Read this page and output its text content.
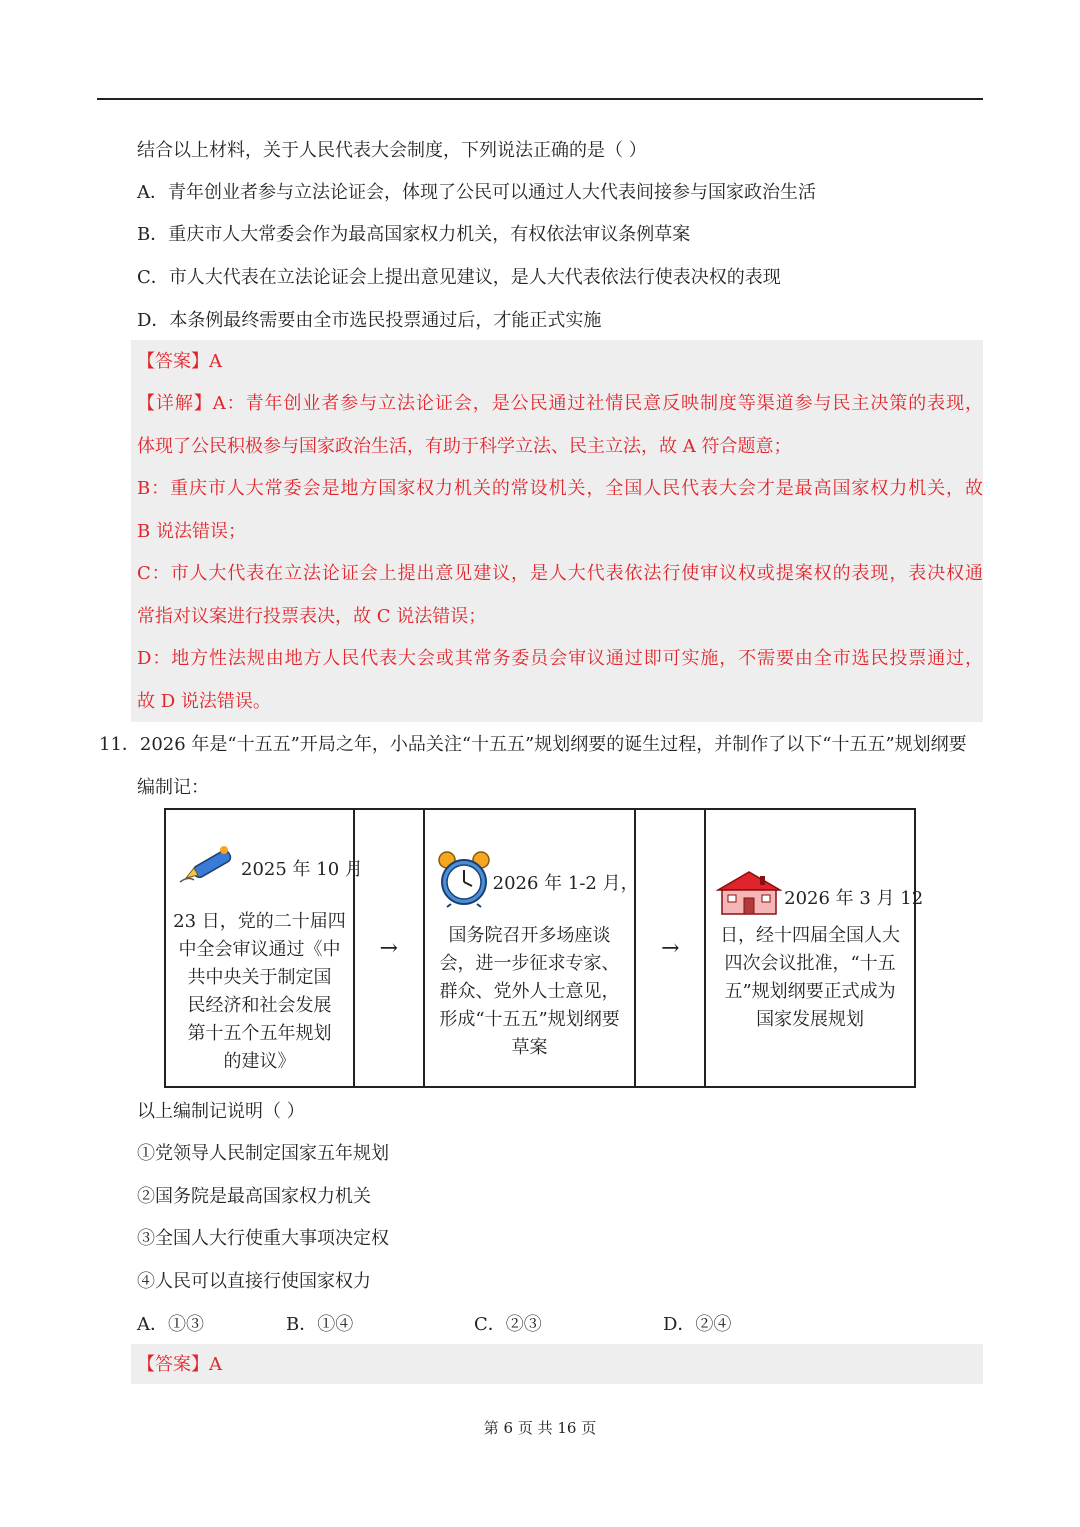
结合以上材料，关于人民代表大会制度，下列说法正确的是（ ）
A．青年创业者参与立法论证会，体现了公民可以通过人大代表间接参与国家政治生活
B．重庆市人大常委会作为最高国家权力机关，有权依法审议条例草案
C．市人大代表在立法论证会上提出意见建议，是人大代表依法行使表决权的表现
D．本条例最终需要由全市选民投票通过后，才能正式实施
【答案】A
【详解】A：青年创业者参与立法论证会，是公民通过社情民意反映制度等渠道参与民主决策的表现，
体现了公民积极参与国家政治生活，有助于科学立法、民主立法，故 A 符合题意；
B：重庆市人大常委会是地方国家权力机关的常设机关，全国人民代表大会才是最高国家权力机关，故
B 说法错误；
C：市人大代表在立法论证会上提出意见建议，是人大代表依法行使审议权或提案权的表现，表决权通
常指对议案进行投票表决，故 C 说法错误；
D：地方性法规由地方人民代表大会或其常务委员会审议通过即可实施，不需要由全市选民投票通过，
故 D 说法错误。
11．2026 年是“十五五”开局之年，小品关注“十五五”规划纲要的诞生过程，并制作了以下“十五五”规划纲要
编制记：
2025 年 10 月
23 日，党的二十届四
中全会审议通过《中
共中央关于制定国
民经济和社会发展
第十五个五年规划
的建议》
→
2026 年 1-2 月，
国务院召开多场座谈
会，进一步征求专家、
群众、党外人士意见，
形成“十五五”规划纲要
草案
→
2026 年 3 月 12
日，经十四届全国人大
四次会议批准，“十五
五”规划纲要正式成为
国家发展规划
以上编制记说明（ ）
①党领导人民制定国家五年规划
②国务院是最高国家权力机关
③全国人大行使重大事项决定权
④人民可以直接行使国家权力
A．①③	B．①④	C．②③	D．②④
【答案】A
第 6 页 共 16 页
